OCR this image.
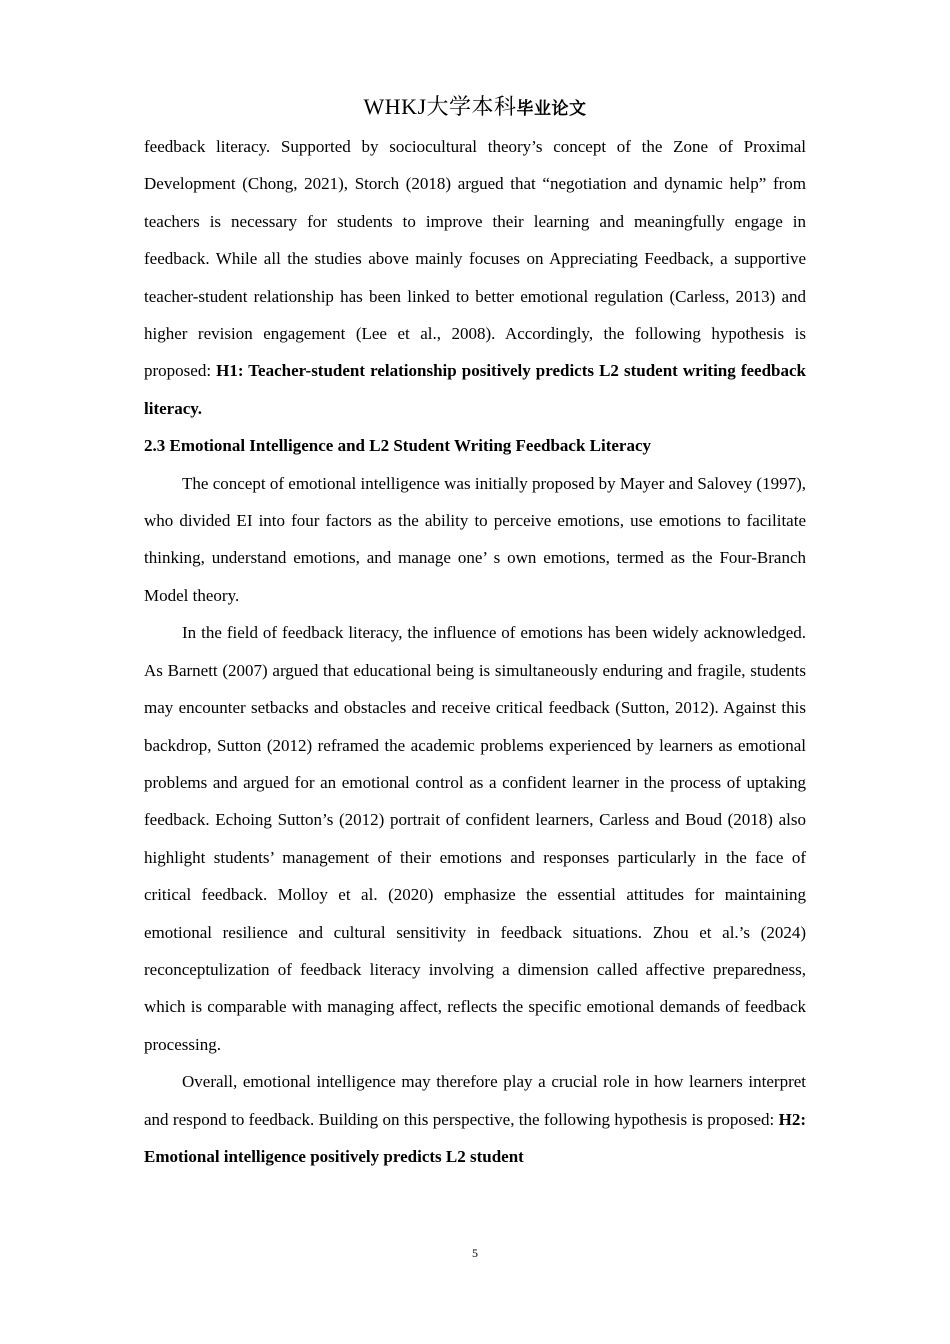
WHKJ大学本科毕业论文

feedback literacy. Supported by sociocultural theory’s concept of the Zone of Proximal Development (Chong, 2021), Storch (2018) argued that “negotiation and dynamic help” from teachers is necessary for students to improve their learning and meaningfully engage in feedback. While all the studies above mainly focuses on Appreciating Feedback, a supportive teacher-student relationship has been linked to better emotional regulation (Carless, 2013) and higher revision engagement (Lee et al., 2008). Accordingly, the following hypothesis is proposed: H1: Teacher-student relationship positively predicts L2 student writing feedback literacy.

2.3 Emotional Intelligence and L2 Student Writing Feedback Literacy

The concept of emotional intelligence was initially proposed by Mayer and Salovey (1997), who divided EI into four factors as the ability to perceive emotions, use emotions to facilitate thinking, understand emotions, and manage one’ s own emotions, termed as the Four-Branch Model theory.

In the field of feedback literacy, the influence of emotions has been widely acknowledged. As Barnett (2007) argued that educational being is simultaneously enduring and fragile, students may encounter setbacks and obstacles and receive critical feedback (Sutton, 2012). Against this backdrop, Sutton (2012) reframed the academic problems experienced by learners as emotional problems and argued for an emotional control as a confident learner in the process of uptaking feedback. Echoing Sutton’s (2012) portrait of confident learners, Carless and Boud (2018) also highlight students’ management of their emotions and responses particularly in the face of critical feedback. Molloy et al. (2020) emphasize the essential attitudes for maintaining emotional resilience and cultural sensitivity in feedback situations. Zhou et al.’s (2024) reconceptulization of feedback literacy involving a dimension called affective preparedness, which is comparable with managing affect, reflects the specific emotional demands of feedback processing.

Overall, emotional intelligence may therefore play a crucial role in how learners interpret and respond to feedback. Building on this perspective, the following hypothesis is proposed: H2: Emotional intelligence positively predicts L2 student

5
